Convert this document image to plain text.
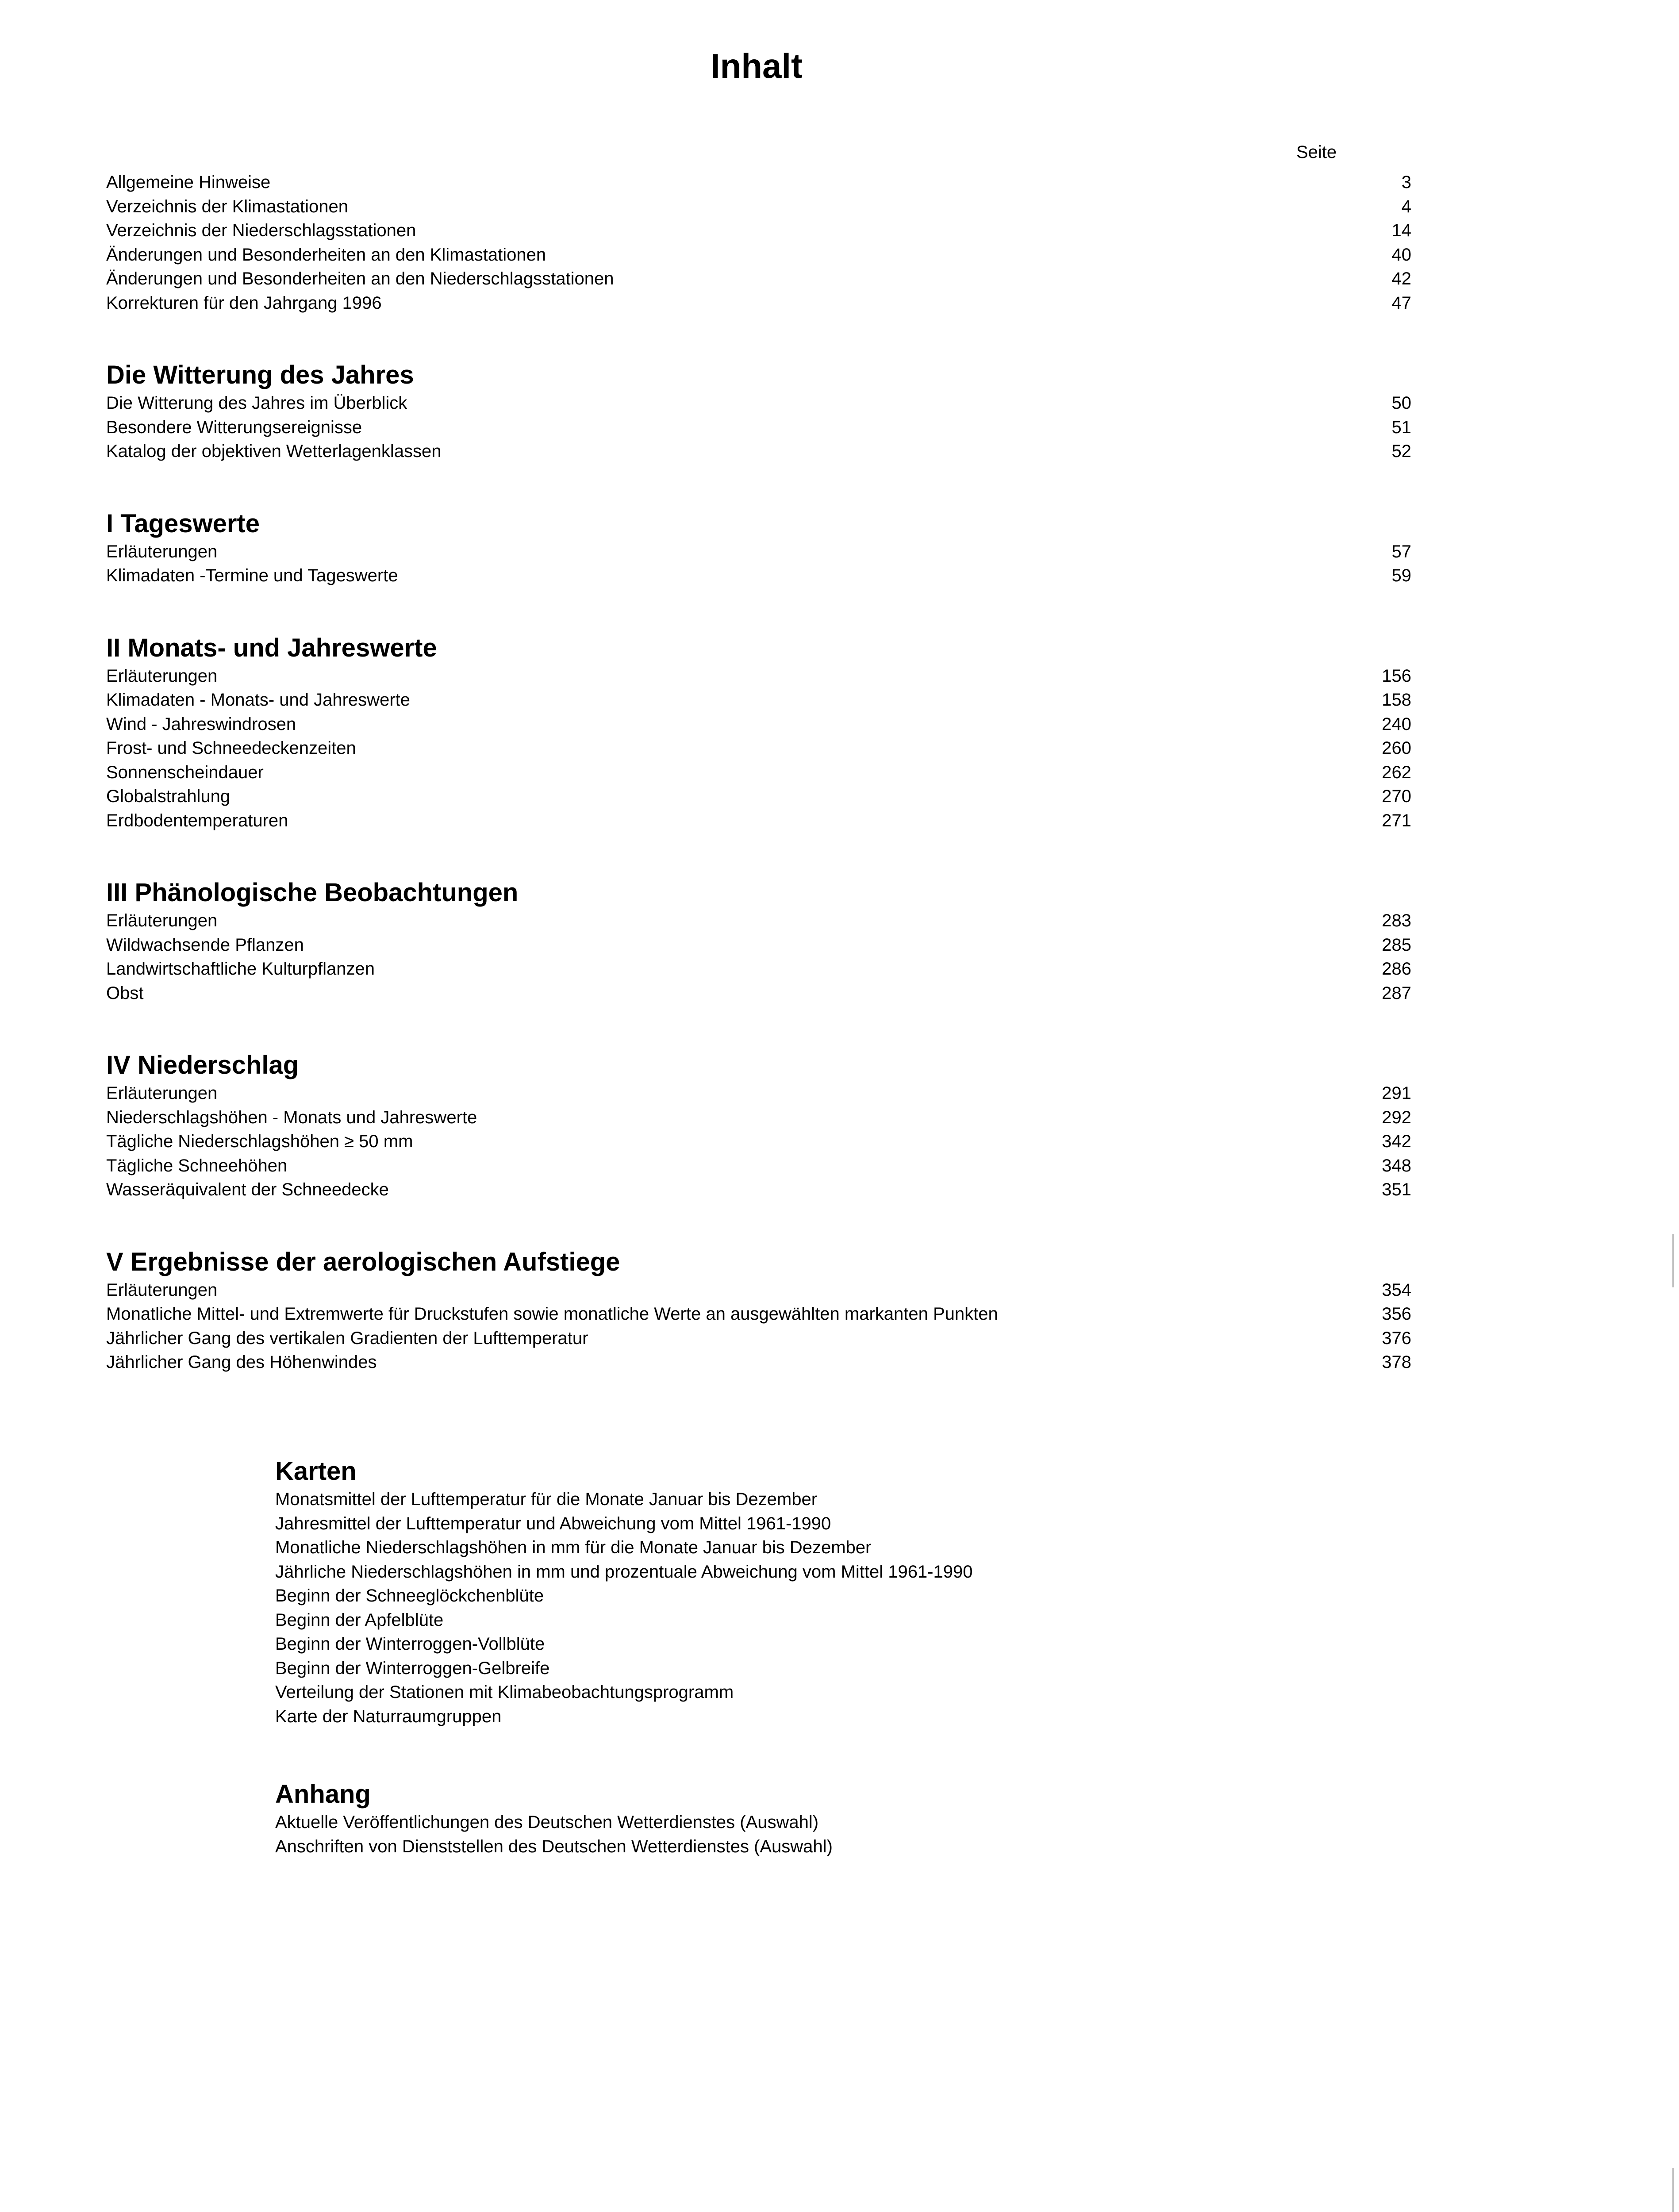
Inhalt
Seite
Allgemeine Hinweise	3
Verzeichnis der Klimastationen	4
Verzeichnis der Niederschlagsstationen	14
Änderungen und Besonderheiten an den Klimastationen	40
Änderungen und Besonderheiten an den Niederschlagsstationen	42
Korrekturen für den Jahrgang 1996	47
Die Witterung des Jahres
Die Witterung des Jahres im Überblick	50
Besondere Witterungsereignisse	51
Katalog der objektiven Wetterlagenklassen	52
I Tageswerte
Erläuterungen	57
Klimadaten -Termine und Tageswerte	59
II Monats- und Jahreswerte
Erläuterungen	156
Klimadaten - Monats- und Jahreswerte	158
Wind - Jahreswindrosen	240
Frost- und Schneedeckenzeiten	260
Sonnenscheindauer	262
Globalstrahlung	270
Erdbodentemperaturen	271
III Phänologische Beobachtungen
Erläuterungen	283
Wildwachsende Pflanzen	285
Landwirtschaftliche Kulturpflanzen	286
Obst	287
IV Niederschlag
Erläuterungen	291
Niederschlagshöhen - Monats und Jahreswerte	292
Tägliche Niederschlagshöhen ≥ 50 mm	342
Tägliche Schneehöhen	348
Wasseräquivalent der Schneedecke	351
V Ergebnisse der aerologischen Aufstiege
Erläuterungen	354
Monatliche Mittel- und Extremwerte für Druckstufen sowie monatliche Werte an ausgewählten markanten Punkten	356
Jährlicher Gang des vertikalen Gradienten der Lufttemperatur	376
Jährlicher Gang des Höhenwindes	378
Karten
Monatsmittel der Lufttemperatur für die Monate Januar bis Dezember
Jahresmittel der Lufttemperatur und Abweichung vom Mittel 1961-1990
Monatliche Niederschlagshöhen in mm für die Monate Januar bis Dezember
Jährliche Niederschlagshöhen in mm und prozentuale Abweichung vom Mittel 1961-1990
Beginn der Schneeglöckchenblüte
Beginn der Apfelblüte
Beginn der Winterroggen-Vollblüte
Beginn der Winterroggen-Gelbreife
Verteilung der Stationen mit Klimabeobachtungsprogramm
Karte der Naturraumgruppen
Anhang
Aktuelle Veröffentlichungen des Deutschen Wetterdienstes (Auswahl)
Anschriften von Dienststellen des Deutschen Wetterdienstes (Auswahl)
